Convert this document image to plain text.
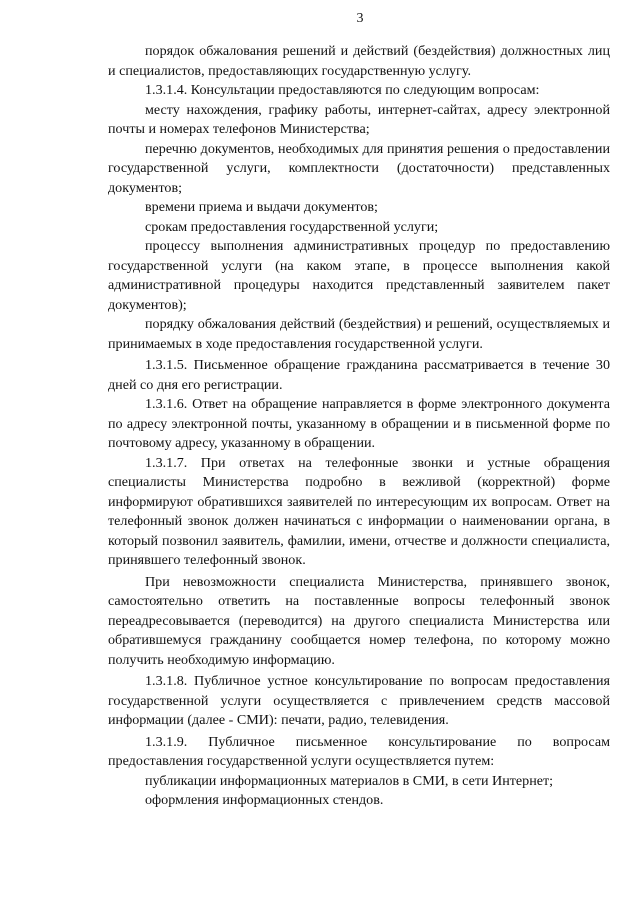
3

порядок обжалования решений и действий (бездействия) должностных лиц и специалистов, предоставляющих государственную услугу.

1.3.1.4. Консультации предоставляются по следующим вопросам:

месту нахождения, графику работы, интернет-сайтах, адресу электронной почты и номерах телефонов Министерства;

перечню документов, необходимых для принятия решения о предоставлении государственной услуги, комплектности (достаточности) представленных документов;

времени приема и выдачи документов;

срокам предоставления государственной услуги;

процессу выполнения административных процедур по предоставлению государственной услуги (на каком этапе, в процессе выполнения какой административной процедуры находится представленный заявителем пакет документов);

порядку обжалования действий (бездействия) и решений, осуществляемых и принимаемых в ходе предоставления государственной услуги.

1.3.1.5. Письменное обращение гражданина рассматривается в течение 30 дней со дня его регистрации.

1.3.1.6. Ответ на обращение направляется в форме электронного документа по адресу электронной почты, указанному в обращении и в письменной форме по почтовому адресу, указанному в обращении.

1.3.1.7. При ответах на телефонные звонки и устные обращения специалисты Министерства подробно в вежливой (корректной) форме информируют обратившихся заявителей по интересующим их вопросам. Ответ на телефонный звонок должен начинаться с информации о наименовании органа, в который позвонил заявитель, фамилии, имени, отчестве и должности специалиста, принявшего телефонный звонок.

При невозможности специалиста Министерства, принявшего звонок, самостоятельно ответить на поставленные вопросы телефонный звонок переадресовывается (переводится) на другого специалиста Министерства или обратившемуся гражданину сообщается номер телефона, по которому можно получить необходимую информацию.

1.3.1.8. Публичное устное консультирование по вопросам предоставления государственной услуги осуществляется с привлечением средств массовой информации (далее - СМИ): печати, радио, телевидения.

1.3.1.9. Публичное письменное консультирование по вопросам предоставления государственной услуги осуществляется путем:

публикации информационных материалов в СМИ, в сети Интернет;

оформления информационных стендов.
